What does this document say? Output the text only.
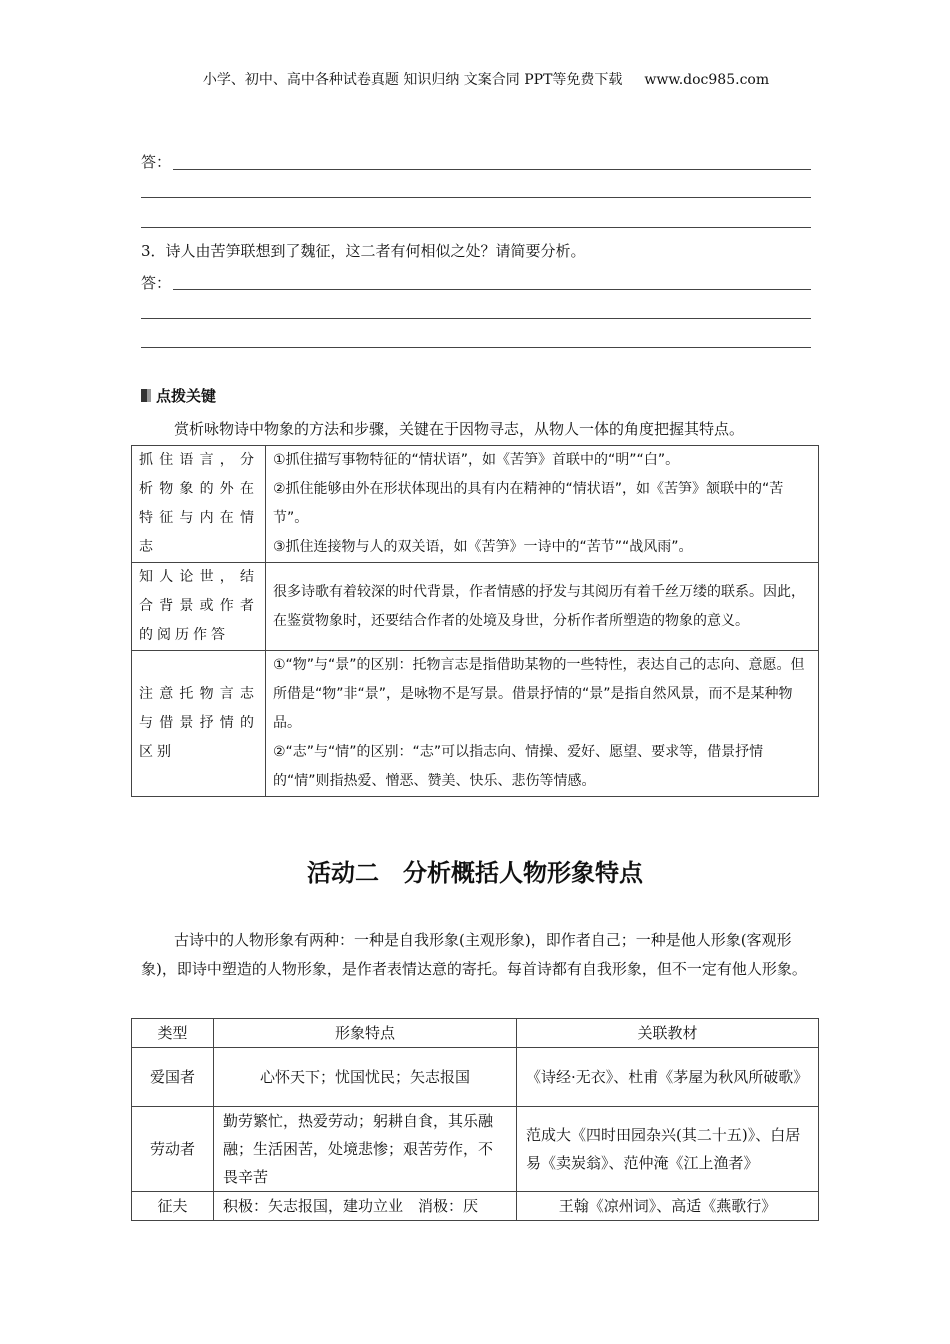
小学、初中、高中各种试卷真题 知识归纳 文案合同 PPT等免费下载 www.doc985.com
答：
3．诗人由苦笋联想到了魏征，这二者有何相似之处？请简要分析。
答：
点拨关键
赏析咏物诗中物象的方法和步骤，关键在于因物寻志，从物人一体的角度把握其特点。
抓住语言，分析物象的外在特征与内在情志	①抓住描写事物特征的“情状语”，如《苦笋》首联中的“明”“白”。
②抓住能够由外在形状体现出的具有内在精神的“情状语”，如《苦笋》颔联中的“苦节”。
③抓住连接物与人的双关语，如《苦笋》一诗中的“苦节”“战风雨”。

知人论世，结合背景或作者的阅历作答	很多诗歌有着较深的时代背景，作者情感的抒发与其阅历有着千丝万缕的联系。因此，在鉴赏物象时，还要结合作者的处境及身世，分析作者所塑造的物象的意义。

注意托物言志与借景抒情的区别	①“物”与“景”的区别：托物言志是指借助某物的一些特性，表达自己的志向、意愿。但所借是“物”非“景”，是咏物不是写景。借景抒情的“景”是指自然风景，而不是某种物品。
②“志”与“情”的区别：“志”可以指志向、情操、爱好、愿望、要求等，借景抒情的“情”则指热爱、憎恶、赞美、快乐、悲伤等情感。
活动二　分析概括人物形象特点
古诗中的人物形象有两种：一种是自我形象(主观形象)，即作者自己；一种是他人形象(客观形象)，即诗中塑造的人物形象，是作者表情达意的寄托。每首诗都有自我形象，但不一定有他人形象。
类型	形象特点	关联教材
爱国者	心怀天下；忧国忧民；矢志报国	《诗经·无衣》、杜甫《茅屋为秋风所破歌》
劳动者	勤劳繁忙，热爱劳动；躬耕自食，其乐融融；生活困苦，处境悲惨；艰苦劳作，不畏辛苦	范成大《四时田园杂兴(其二十五)》、白居易《卖炭翁》、范仲淹《江上渔者》
征夫	积极：矢志报国，建功立业　消极：厌	王翰《凉州词》、高适《燕歌行》
